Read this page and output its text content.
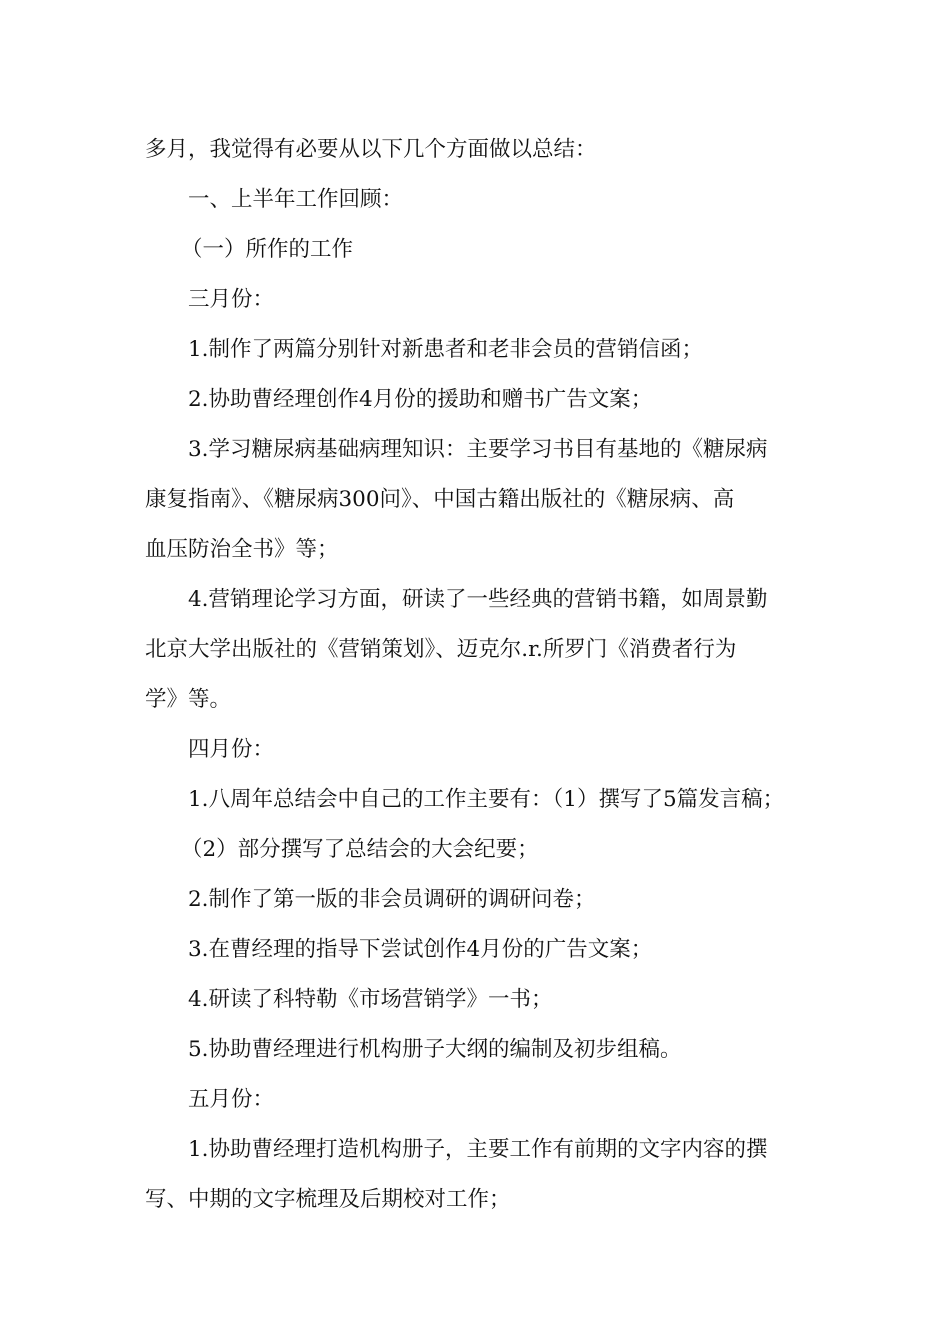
多月，我觉得有必要从以下几个方面做以总结：

一、上半年工作回顾：

（一）所作的工作

三月份：

1.制作了两篇分别针对新患者和老非会员的营销信函；

2.协助曹经理创作4月份的援助和赠书广告文案；

3.学习糖尿病基础病理知识：主要学习书目有基地的《糖尿病
康复指南》、《糖尿病300问》、中国古籍出版社的《糖尿病、高
血压防治全书》等；

4.营销理论学习方面，研读了一些经典的营销书籍，如周景勤
北京大学出版社的《营销策划》、迈克尔.r.所罗门《消费者行为
学》等。

四月份：

1.八周年总结会中自己的工作主要有：（1）撰写了5篇发言稿；
（2）部分撰写了总结会的大会纪要；

2.制作了第一版的非会员调研的调研问卷；

3.在曹经理的指导下尝试创作4月份的广告文案；

4.研读了科特勒《市场营销学》一书；

5.协助曹经理进行机构册子大纲的编制及初步组稿。

五月份：

1.协助曹经理打造机构册子，主要工作有前期的文字内容的撰
写、中期的文字梳理及后期校对工作；
